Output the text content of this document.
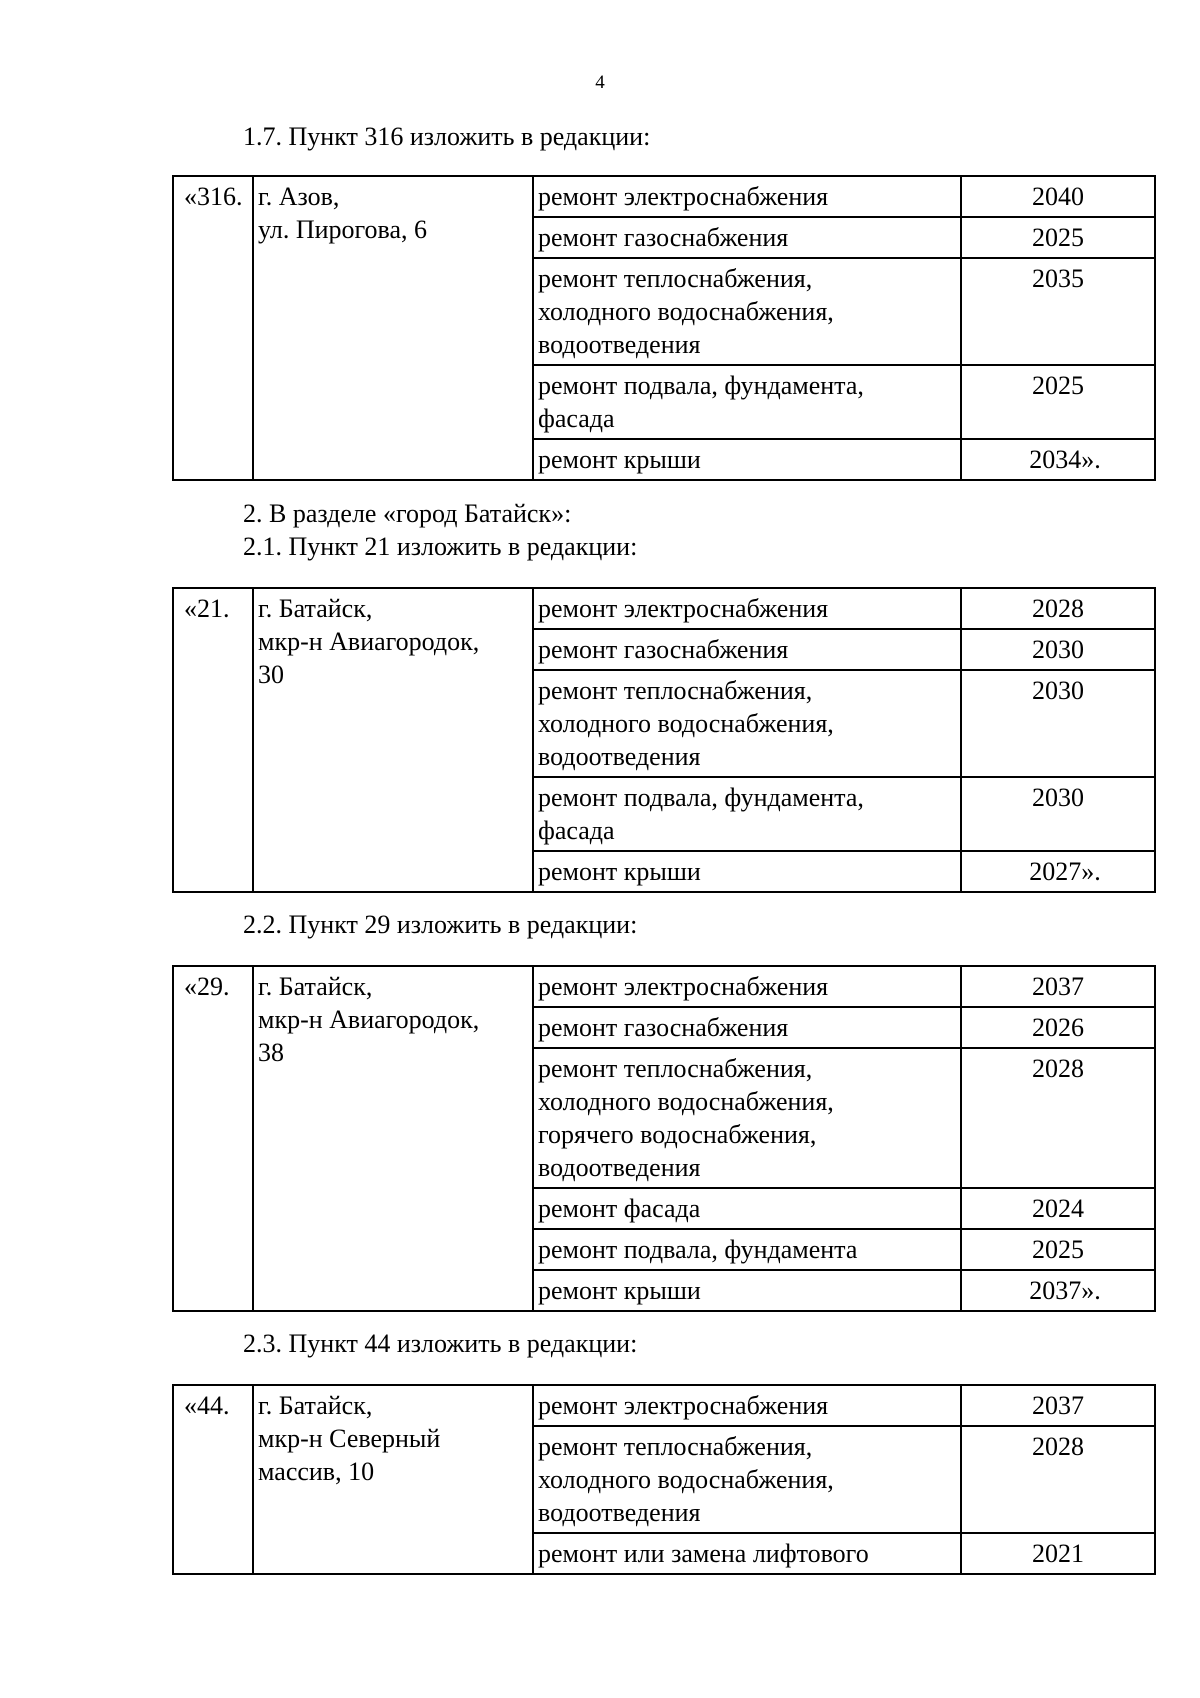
4
1.7. Пункт 316 изложить в редакции:
«316.	г. Азов,
ул. Пирогова, 6	ремонт электроснабжения	2040

		ремонт газоснабжения	2025

		ремонт теплоснабжения,
холодного водоснабжения,
водоотведения	2035

		ремонт подвала, фундамента,
фасада	2025

		ремонт крыши	2034».
2. В разделе «город Батайск»:
2.1. Пункт 21 изложить в редакции:
«21.	г. Батайск,
мкр-н Авиагородок,
30	ремонт электроснабжения	2028

		ремонт газоснабжения	2030

		ремонт теплоснабжения,
холодного водоснабжения,
водоотведения	2030

		ремонт подвала, фундамента,
фасада	2030

		ремонт крыши	2027».
2.2. Пункт 29 изложить в редакции:
«29.	г. Батайск,
мкр-н Авиагородок,
38	ремонт электроснабжения	2037

		ремонт газоснабжения	2026

		ремонт теплоснабжения,
холодного водоснабжения,
горячего водоснабжения,
водоотведения	2028

		ремонт фасада	2024

		ремонт подвала, фундамента	2025

		ремонт крыши	2037».
2.3. Пункт 44 изложить в редакции:
«44.	г. Батайск,
мкр-н Северный
массив, 10	ремонт электроснабжения	2037

		ремонт теплоснабжения,
холодного водоснабжения,
водоотведения	2028

		ремонт или замена лифтового	2021
